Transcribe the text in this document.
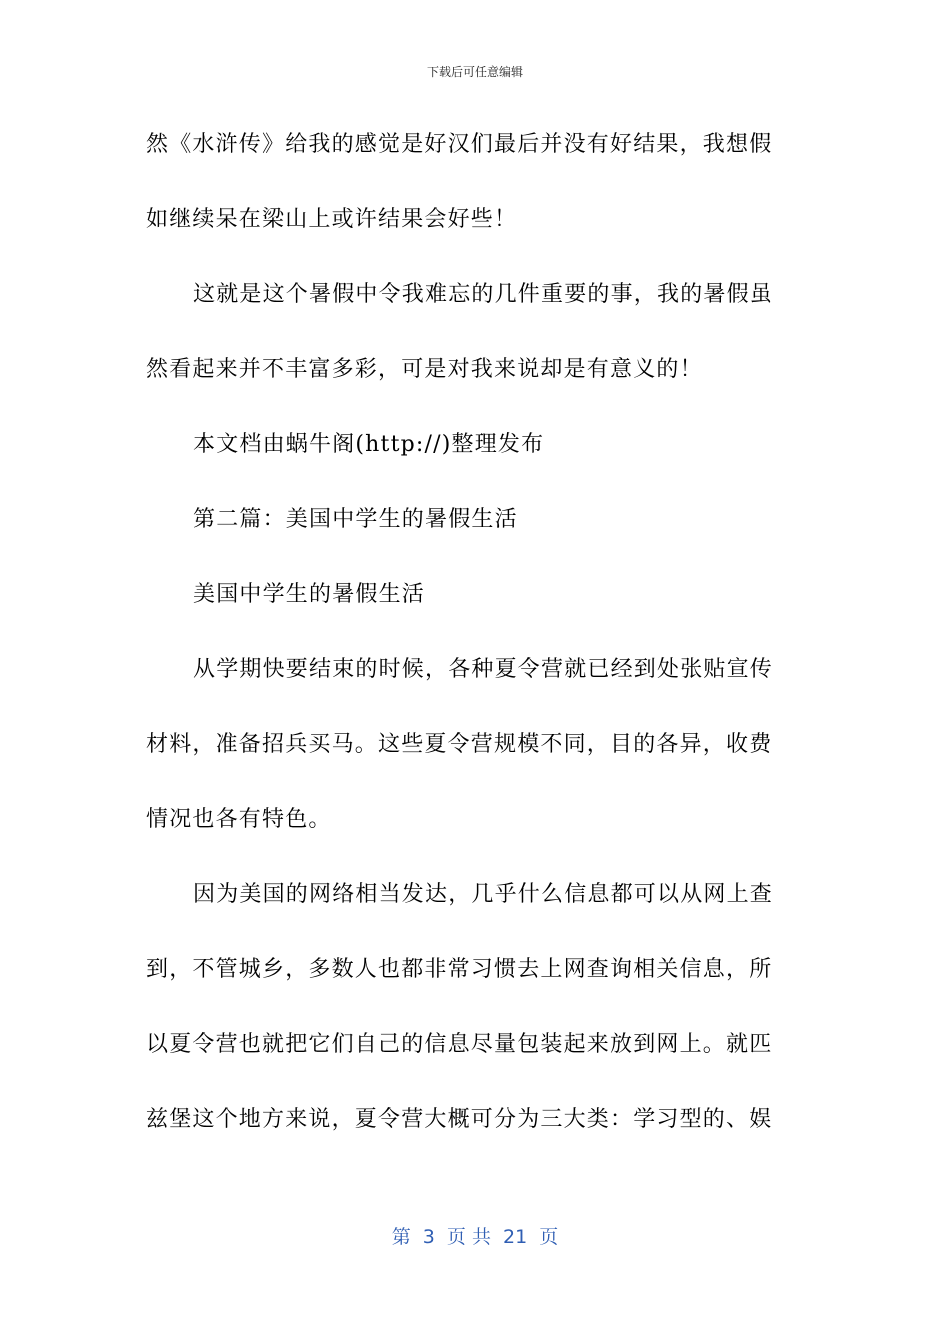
下载后可任意编辑
然《水浒传》给我的感觉是好汉们最后并没有好结果，我想假
如继续呆在梁山上或许结果会好些！
这就是这个暑假中令我难忘的几件重要的事，我的暑假虽
然看起来并不丰富多彩，可是对我来说却是有意义的！
本文档由蜗牛阁(http://)整理发布
第二篇：美国中学生的暑假生活
美国中学生的暑假生活
从学期快要结束的时候，各种夏令营就已经到处张贴宣传
材料，准备招兵买马。这些夏令营规模不同，目的各异，收费
情况也各有特色。
因为美国的网络相当发达，几乎什么信息都可以从网上查
到，不管城乡，多数人也都非常习惯去上网查询相关信息，所
以夏令营也就把它们自己的信息尽量包装起来放到网上。就匹
兹堡这个地方来说，夏令营大概可分为三大类：学习型的、娱
第  3  页 共  21  页
